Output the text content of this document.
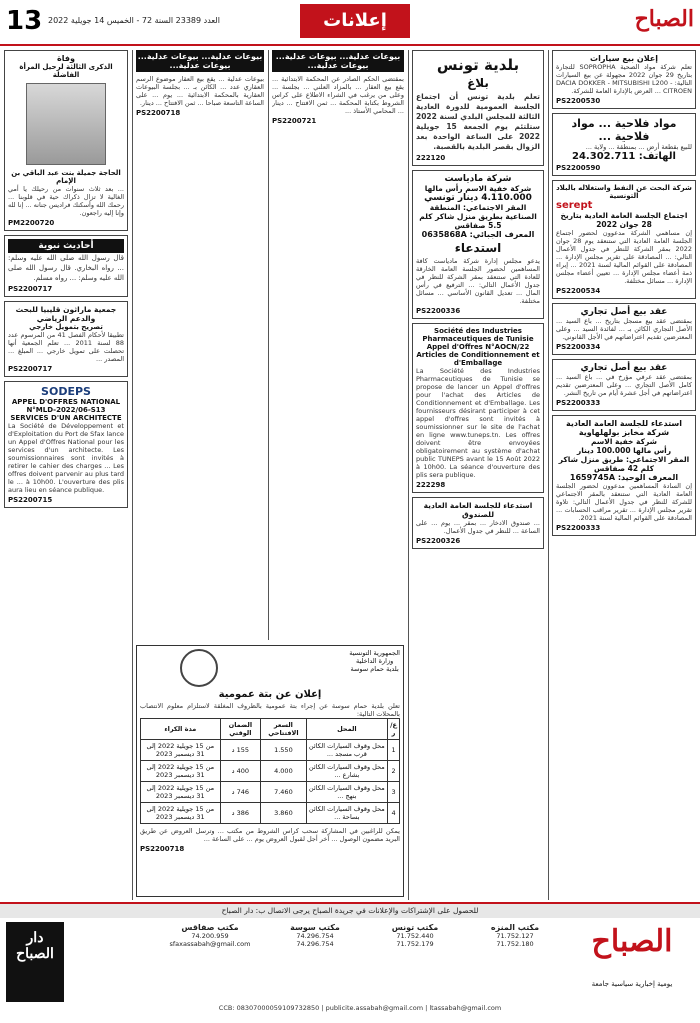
13 العدد 23389 السنة 72 - الخميس 14 جويلية 2022	إعلانات	الصباح
إعلان بيع سيارات
تعلم شركة مواد الصحية SOPROPHA للتجارة بتاريخ 29 جوان 2022 مجهولة عن بيع السيارات التالية: DACIA DOKKER - MITSUBISHI L200 - CITROEN ... العرض بالإدارة العامة للشركة.
PS2200530
مواد فلاحية ... مواد فلاحية ...
للبيع بقطعة أرض ... بمنطقة ... ولاية ...
الهاتف: 24.302.711
PS2200590
شركة البحث عن النفط واستغلاله بالبلاد التونسية
serept
اجتماع الجلسة العامة العادية بتاريخ 28 جوان 2022
إن مساهمي الشركة مدعوون لحضور اجتماع الجلسة العامة العادية التي ستنعقد يوم 28 جوان 2022 بمقر الشركة للنظر في جدول الأعمال التالي: ... المصادقة على تقرير مجلس الإدارة ... المصادقة على القوائم المالية لسنة 2021 ... إبراء ذمة أعضاء مجلس الإدارة ... تعيين أعضاء مجلس الإدارة ... مسائل مختلفة.
PS2200534
عقد بيع أصل تجاري
بمقتضى عقد بيع مسجل بتاريخ ... باع السيد ... الأصل التجاري الكائن بـ ... لفائدة السيد ... وعلى المعترضين تقديم اعتراضاتهم في الأجل القانوني.
PS2200334
عقد بيع أصل تجاري
بمقتضى عقد عرفي مؤرخ في ... باع السيد ... كامل الأصل التجاري ... وعلى المعترضين تقديم اعتراضاتهم في أجل عشرة أيام من تاريخ النشر.
PS2200333
استدعاء للجلسة العامة العادية
شركة مخابز بولهلهاوية
شركة خفية الاسم
رأس مالها 100.000 دينار
المقر الاجتماعي: طريق منزل شاكر كلم 42 صفاقس
المعرف الوحيد: 1659745A
إن السادة المساهمين مدعوون لحضور الجلسة العامة العادية التي ستنعقد بالمقر الاجتماعي للشركة للنظر في جدول الأعمال التالي: تلاوة تقرير مجلس الإدارة ... تقرير مراقب الحسابات ... المصادقة على القوائم المالية لسنة 2021.
PS2200333
بلدية تونس
بلاغ
تعلم بلدية تونس أن اجتماع الجلسة العمومية للدورة العادية الثالثة للمجلس البلدي لسنة 2022 ستلتئم يوم الجمعة 15 جويلية 2022 على الساعة الواحدة بعد الزوال بقصر البلدية بالقصبة.
222120
شركة مادياست
شركة خفية الاسم رأس مالها
4.110.000 دينار تونسي
المقر الاجتماعي: المنطقة الصناعية بطريق منزل شاكر كلم 5.5 صفاقس
المعرف الجبائي: 0635868A
استدعاء
يدعو مجلس إدارة شركة مادياست كافة المساهمين لحضور الجلسة العامة الخارقة للعادة التي ستنعقد بمقر الشركة للنظر في جدول الأعمال التالي: ... الترفيع في رأس المال ... تعديل القانون الأساسي ... مسائل مختلفة.
PS2200336
Société des Industries Pharmaceutiques de Tunisie
Appel d'Offres N°AOCN/22
Articles de Conditionnement et d'Emballage
La Société des Industries Pharmaceutiques de Tunisie se propose de lancer un Appel d'offres pour l'achat des Articles de Conditionnement et d'Emballage. Les fournisseurs désirant participer à cet appel d'offres sont invités à soumissionner sur le site de l'achat en ligne www.tuneps.tn. Les offres doivent être envoyées obligatoirement au système d'achat public TUNEPS avant le 15 Août 2022 à 10h00. La séance d'ouverture des plis sera publique.
222298
استدعاء للجلسة العامة العادية للصندوق
... صندوق الادخار ... بمقر ... يوم ... على الساعة ... للنظر في جدول الأعمال.
PS2200326
بيوعات عدلية... بيوعات عدلية... بيوعات عدلية...
بمقتضى الحكم الصادر عن المحكمة الابتدائية ... يقع بيع العقار ... بالمزاد العلني ... بجلسة ... وعلى من يرغب في الشراء الاطلاع على كراس الشروط بكتابة المحكمة ... ثمن الافتتاح ... دينار ... المحامي الأستاذ ...
PS2200721
بيوعات عدلية... بيوعات عدلية... بيوعات عدلية...
بيوعات عدلية ... يقع بيع العقار موضوع الرسم العقاري عدد ... الكائن بـ ... بجلسة البيوعات العقارية بالمحكمة الابتدائية ... يوم ... على الساعة التاسعة صباحا ... ثمن الافتتاح ... دينار.
PS2200718
الجمهورية التونسية
وزارة الداخلية
بلدية حمام سوسة
إعلان عن بتة عمومية
تعلن بلدية حمام سوسة عن إجراء بتة عمومية بالظروف المغلقة لاستلزام معلوم الانتصاب بالمحلات التالية:
ع/ر	المحل	السعر الافتتاحي	الضمان الوقتي	مدة الكراء
1	محل وقوف السيارات الكائن قرب مسجد ...	1.550	155 د	من 15 جويلية 2022 إلى 31 ديسمبر 2023
2	محل وقوف السيارات الكائن بشارع ...	4.000	400 د	من 15 جويلية 2022 إلى 31 ديسمبر 2023
3	محل وقوف السيارات الكائن بنهج ...	7.460	746 د	من 15 جويلية 2022 إلى 31 ديسمبر 2023
4	محل وقوف السيارات الكائن بساحة ...	3.860	386 د	من 15 جويلية 2022 إلى 31 ديسمبر 2023
يمكن للراغبين في المشاركة سحب كراس الشروط من مكتب ... وترسل العروض عن طريق البريد مضمون الوصول ... آخر أجل لقبول العروض يوم ... على الساعة ...
PS2200718
وفاة
الذكرى الثالثة لرحيل المرأة الفاضلة
الحاجة جميلة بنت عبد الباقي بن الإمام
... بعد ثلاث سنوات من رحيلك يا أمي الغالية لا تزال ذكراك حية في قلوبنا ... رحمك الله وأسكنك فراديس جنانه ... إنا لله وإنا إليه راجعون.
PM2200720
أحاديث نبوية
قال رسول الله صلى الله عليه وسلم: ... رواه البخاري. قال رسول الله صلى الله عليه وسلم: ... رواه مسلم.
PS2200717
جمعية ماراثون قليبيا للبحث والدعم الرياضي
تصريح بتمويل خارجي
تطبيقا لأحكام الفصل 41 من المرسوم عدد 88 لسنة 2011 ... تعلم الجمعية أنها تحصلت على تمويل خارجي ... المبلغ ... المصدر ...
PS2200717
SODEPS
APPEL D'OFFRES NATIONAL N°MLD-2022/06-S13
SERVICES D'UN ARCHITECTE
La Société de Développement et d'Exploitation du Port de Sfax lance un Appel d'Offres National pour les services d'un architecte. Les soumissionnaires sont invités à retirer le cahier des charges ... Les offres doivent parvenir au plus tard le ... à 10h00. L'ouverture des plis aura lieu en séance publique.
PS2200715
للحصول على الإشتراكات والإعلانات في جريدة الصباح يرجى الاتصال ب: دار الصباح
الصباح
يومية إخبارية سياسية جامعة
مكتب المنزه
71.752.127
71.752.180
مكتب تونس
71.752.440
71.752.179
مكتب سوسة
74.296.754
74.296.754
مكتب صفاقس
74.200.959
sfaxassabah@gmail.com
دار الصباح
CCB: 08307000059109732850 | publicite.assabah@gmail.com | ltassabah@gmail.com
